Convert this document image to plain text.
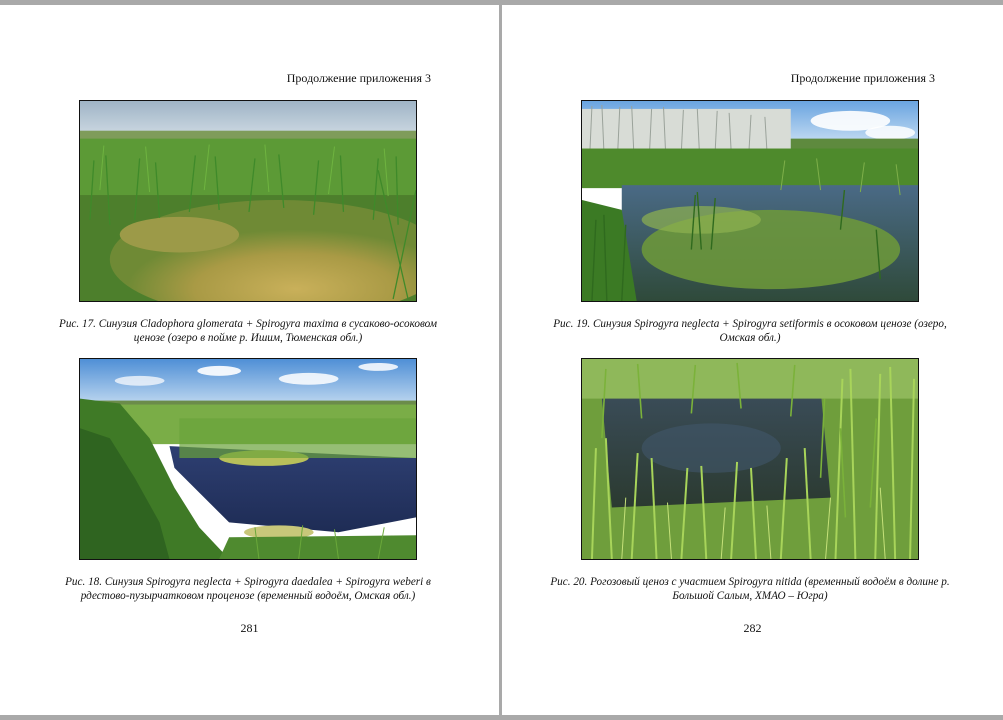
Продолжение приложения 3
Рис. 17. Синузия Cladophora glomerata + Spirogyra maxima в сусаково-осоковом ценозе (озеро в пойме р. Ишим, Тюменская обл.)
Рис. 18. Синузия Spirogyra neglecta + Spirogyra daedalea + Spirogyra weberi в рдестово-пузырчатковом проценозе (временный водоём, Омская обл.)
281
Продолжение приложения 3
Рис. 19. Синузия Spirogyra neglecta + Spirogyra setiformis в осоковом ценозе (озеро, Омская обл.)
Рис. 20. Рогозовый ценоз с участием Spirogyra nitida (временный водоём в долине р. Большой Салым, ХМАО – Югра)
282
